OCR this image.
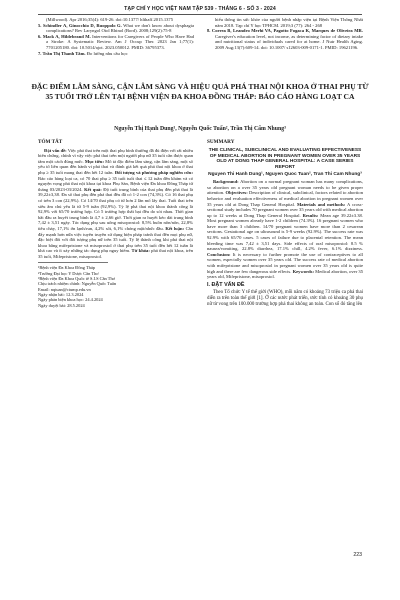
TẠP CHÍ Y HỌC VIỆT NAM TẬP 539 - THÁNG 6 - SỐ 3 - 2024

(Millwood). Apr 2016;35(4): 619-26. doi:10.1377/ hlthaff.2015.1375

5. Schindler A, Ginocchio D, Ruoppolo G. What we don't know about dysphagia complications? Rev Laryngol Otol Rhinol (Bord). 2008;129(2):75-8

6. Mack A, Hildebrand M. Interventions for Caregivers of People Who Have Had a Stroke: A Systematic Review. Am J Occup Ther. 2023 Jan 1;77(1): 7701205180. doi: 10.5014/ajot. 2023.050012. PMID: 36795373.

7. Trần Thị Thanh Tâm. Đo lường nhu cầu học

hiểu thông tin sức khỏe của người bệnh nhập viện tại Bệnh Viện Thống Nhất năm 2018. Tạp chí Y học TPHCM. 2019;3 (77): 264 - 268

8. Correa B, Leandro Merhi VA, Pagotto Fogaca K, Marques de Oliveira MR. Caregiver's education level, not income, as determining factor of dietary intake and nutritional status of individuals cared for at home. J Nutr Health Aging. 2009 Aug;13(7):609-14. doi: 10.1007/ s12603-009-0171-1. PMID: 19621196.

ĐẶC ĐIỂM LÂM SÀNG, CẬN LÂM SÀNG VÀ HIỆU QUẢ PHÁ THAI NỘI KHOA Ở THAI PHỤ TỪ 35 TUỔI TRỞ LÊN TẠI BỆNH VIỆN ĐA KHOA ĐỒNG THÁP: BÁO CÁO HÀNG LOẠT CA
Nguyễn Thị Hạnh Dung¹, Nguyễn Quốc Tuấn², Trần Thị Cẩm Nhung³
TÓM TẮT

Đặt vấn đề: Việc phá thai trên một thai phụ bình thường đã đủ điện với rất nhiều biến chứng, chính vì vậy việc phá thai trên một người phụ nữ 35 tuổi cần được quan tâm một cách đúng mức. Mục tiêu: Mô tả đặc điểm lâm sàng, cận lâm sàng, một số yếu tố liên quan đến hành vi phá thai và đánh giá kết quả phá thai nội khoa ở thai phụ ≥ 35 tuổi mang thai đến hết 12 tuần. Đối tượng và phương pháp nghiên cứu: Báo cáo hàng loạt ca, có 70 thai phụ ≥ 35 tuổi tuổi thai ≤ 12 tuần đến khám và có nguyện vọng phá thai nội khoa tại khoa Phụ Sản, Bệnh viện Đa khoa Đồng Tháp từ tháng 03/2023-03/2024. Kết quả: Độ tuổi trung bình của thai phụ đến phá thai là 39,22±3,38. Đa số thai phụ đến phá thai đều đã có 1-2 con (74,3%). Có 16 thai phụ có trên 3 con (22,9%). Có 14/70 thai phụ có từ hơn 2 lần mổ lấy thai. Tuổi thai trên siêu âm chủ yếu là từ 5-9 tuần (92,9%). Tỷ lệ phá thai nội khoa thành công là 92,9% với 65/70 trường hợp. Có 5 trường hợp thất bại đều do sót nhau. Thời gian bắt đầu ra huyết trung bình là 4,7 ± 2,66 giờ. Thời gian ra huyết kéo dài trung bình 7,42 ± 3,51 ngày. Tác dụng phụ sau uống misoprostol: 8,5% buồn nôn/nôn, 22,8% tiêu chảy, 17,1% ớn lạnh/run, 4,2% sốt, 6,1% chóng mặt/nhức đầu. Kết luận: Cần đẩy mạnh hơn nữa việc tuyên truyền sử dụng biện pháp tránh thai đến mọi phụ nữ, đặc biệt đối với đối tượng phụ nữ trên 35 tuổi. Tỷ lệ thành công khi phá thai nội khoa bằng mifepristone và misoprostol ở thai phụ trên 35 tuổi đến hết 12 tuần là khá cao và ít xảy những tác dụng phụ nguy hiểm. Từ khóa: phá thai nội khoa, trên 35 tuổi, Mifepristone, misoprostol.

¹Bệnh viện Đa Khoa Đồng Tháp

²Trường Đại học Y Dược Cần Thơ

³Bệnh viện Đa Khoa Quốc tế S.I.S Cần Thơ

Chịu trách nhiệm chính: Nguyễn Quốc Tuấn

Email: nqtuan@ctump.edu.vn

Ngày nhận bài: 12.3.2024

Ngày phản biện khoa học: 24.4.2024

Ngày duyệt bài: 28.5.2024

SUMMARY
THE CLINICAL, SUBCLINICAL AND EVALUATING EFFECTIVENESS OF MEDICAL ABORTION IN PREGNANT WOMEN OVER 35 YEARS OLD AT DONG THAP GENERAL HOSPITAL: A CASE SERIES REPORT
Nguyen Thi Hanh Dung¹, Nguyen Quoc Tuan², Tran Thi Cam Nhung³

Background: Abortion on a normal pregnant woman has many complications, so abortion on a over 35 years old pregnant woman needs to be given proper attention. Objectives: Description of clinical, subclinical, factors related to abortion behavior and evaluation effectiveness of medical abortion in pregnant women over 35 years old at Dong Thap General Hospital. Materials and methods: A cross-sectional study includes 70 pregnant women over 35 years old with medical abortion up to 12 weeks at Dong Thap General Hospital. Results: Mean age 39.22±3.38. Most pregnant women already have 1-2 children (74.3%). 16 pregnant women who have more than 3 children. 14/70 pregnant women have more than 2 cesarean sections. Gestational age on ultrasound is 5-9 weeks (92.9%). The success rate was 92.9% with 65/70 cases. 5 cases of failure due to placental retention. The mean bleeding time was 7,42 ± 3,51 days. Side effects of oral misoprostol: 8.5 % nausea/vomiting, 22.8% diarrhea, 17.1% chill, 4.2% fever, 6.1% dizziness. Conclusion: It is necessary to further promote the use of contraceptives to all women, especially women over 35 years old. The success rate of medical abortion with mifepristone and misoprostol in pregnant women over 35 years old is quite high and there are few dangerous side effects. Keywords: Medical abortion, over 35 years old, Mifepristone, misoprostol.

I. ĐẶT VẤN ĐỀ

Theo Tổ chức Y tế thế giới (WHO), mỗi năm có khoảng 73 triệu ca phá thai diễn ra trên toàn thế giới [1]. Ở các nước phát triển, ước tính có khoảng 30 phụ nữ từ vong trên 100.000 trường hợp phá thai không an toàn. Con số đó tăng lên

223
